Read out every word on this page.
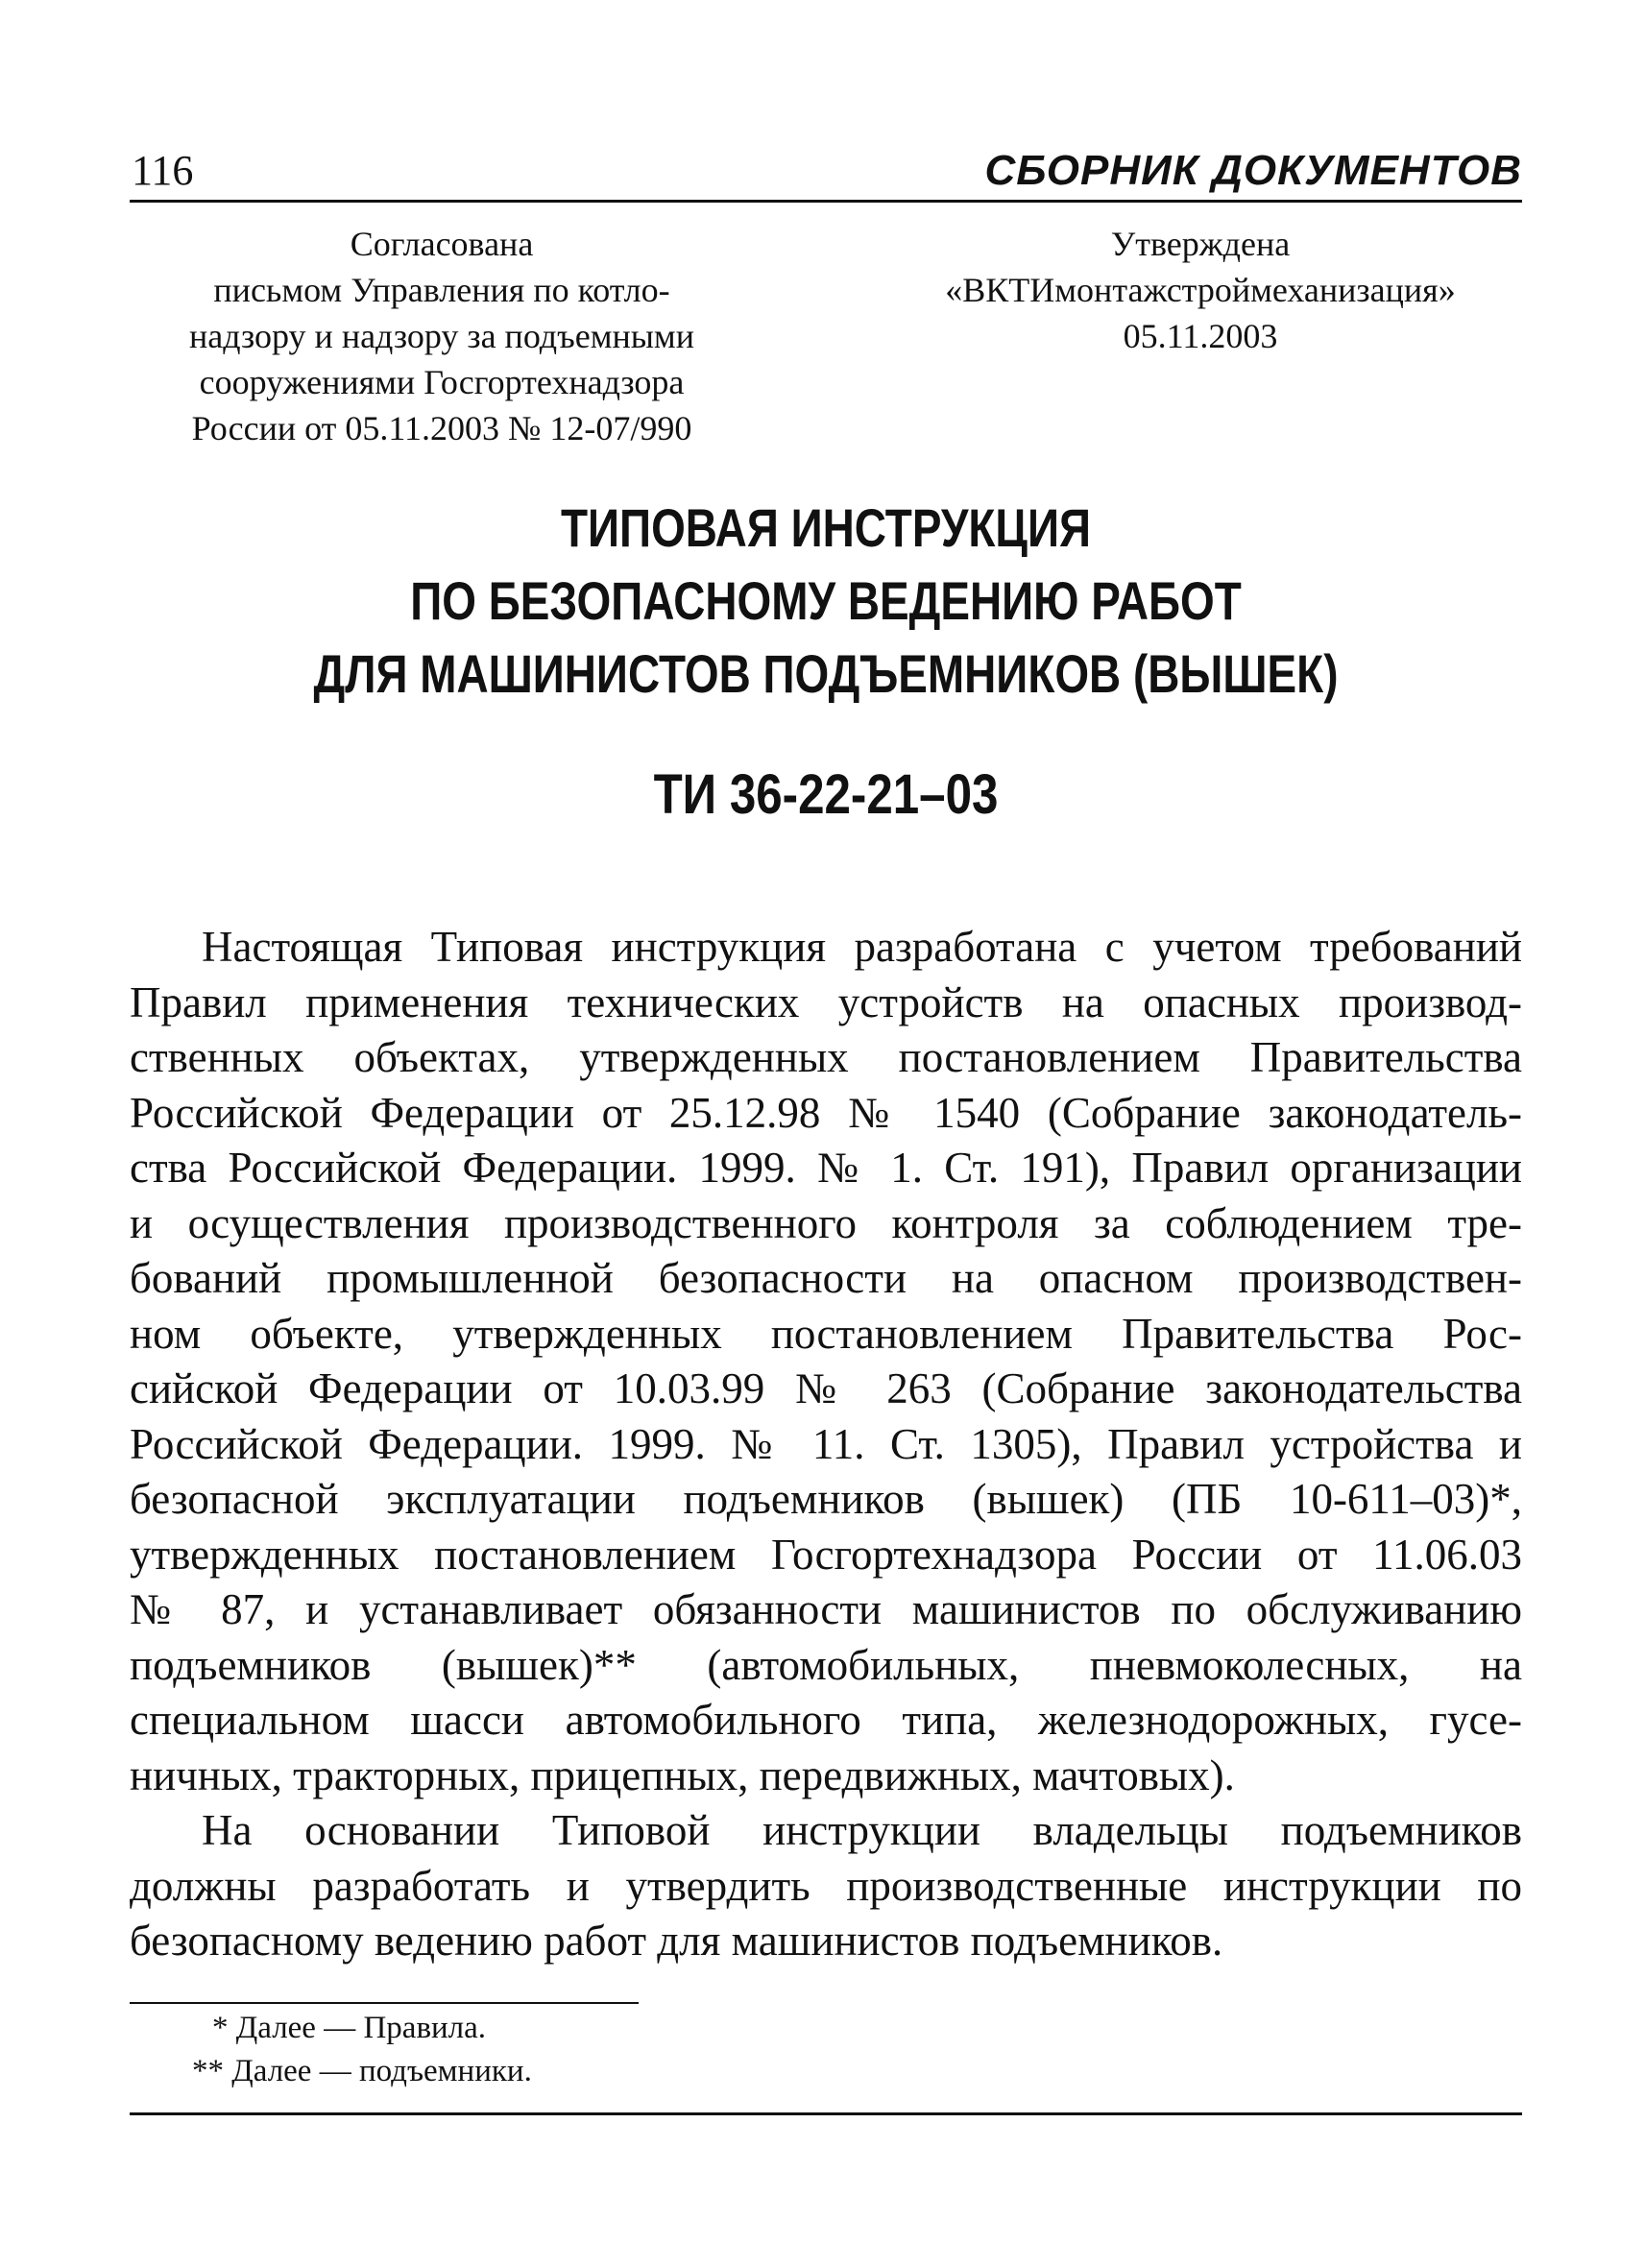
116	СБОРНИК ДОКУМЕНТОВ
Согласована
письмом Управления по котло-
надзору и надзору за подъемными
сооружениями Госгортехнадзора
России от 05.11.2003 № 12-07/990
Утверждена
«ВКТИмонтажстроймеханизация»
05.11.2003
ТИПОВАЯ ИНСТРУКЦИЯ
ПО БЕЗОПАСНОМУ ВЕДЕНИЮ РАБОТ
ДЛЯ МАШИНИСТОВ ПОДЪЕМНИКОВ (ВЫШЕК)
ТИ 36-22-21–03
Настоящая Типовая инструкция разработана с учетом требований
Правил применения технических устройств на опасных производ-
ственных объектах, утвержденных постановлением Правительства
Российской Федерации от 25.12.98 № 1540 (Собрание законодатель-
ства Российской Федерации. 1999. № 1. Ст. 191), Правил организации
и осуществления производственного контроля за соблюдением тре-
бований промышленной безопасности на опасном производствен-
ном объекте, утвержденных постановлением Правительства Рос-
сийской Федерации от 10.03.99 № 263 (Собрание законодательства
Российской Федерации. 1999. № 11. Ст. 1305), Правил устройства и
безопасной эксплуатации подъемников (вышек) (ПБ 10-611–03)*,
утвержденных постановлением Госгортехнадзора России от 11.06.03
№ 87, и устанавливает обязанности машинистов по обслуживанию
подъемников (вышек)** (автомобильных, пневмоколесных, на
специальном шасси автомобильного типа, железнодорожных, гусе-
ничных, тракторных, прицепных, передвижных, мачтовых).
На основании Типовой инструкции владельцы подъемников
должны разработать и утвердить производственные инструкции по
безопасному ведению работ для машинистов подъемников.
* Далее — Правила.
** Далее — подъемники.
